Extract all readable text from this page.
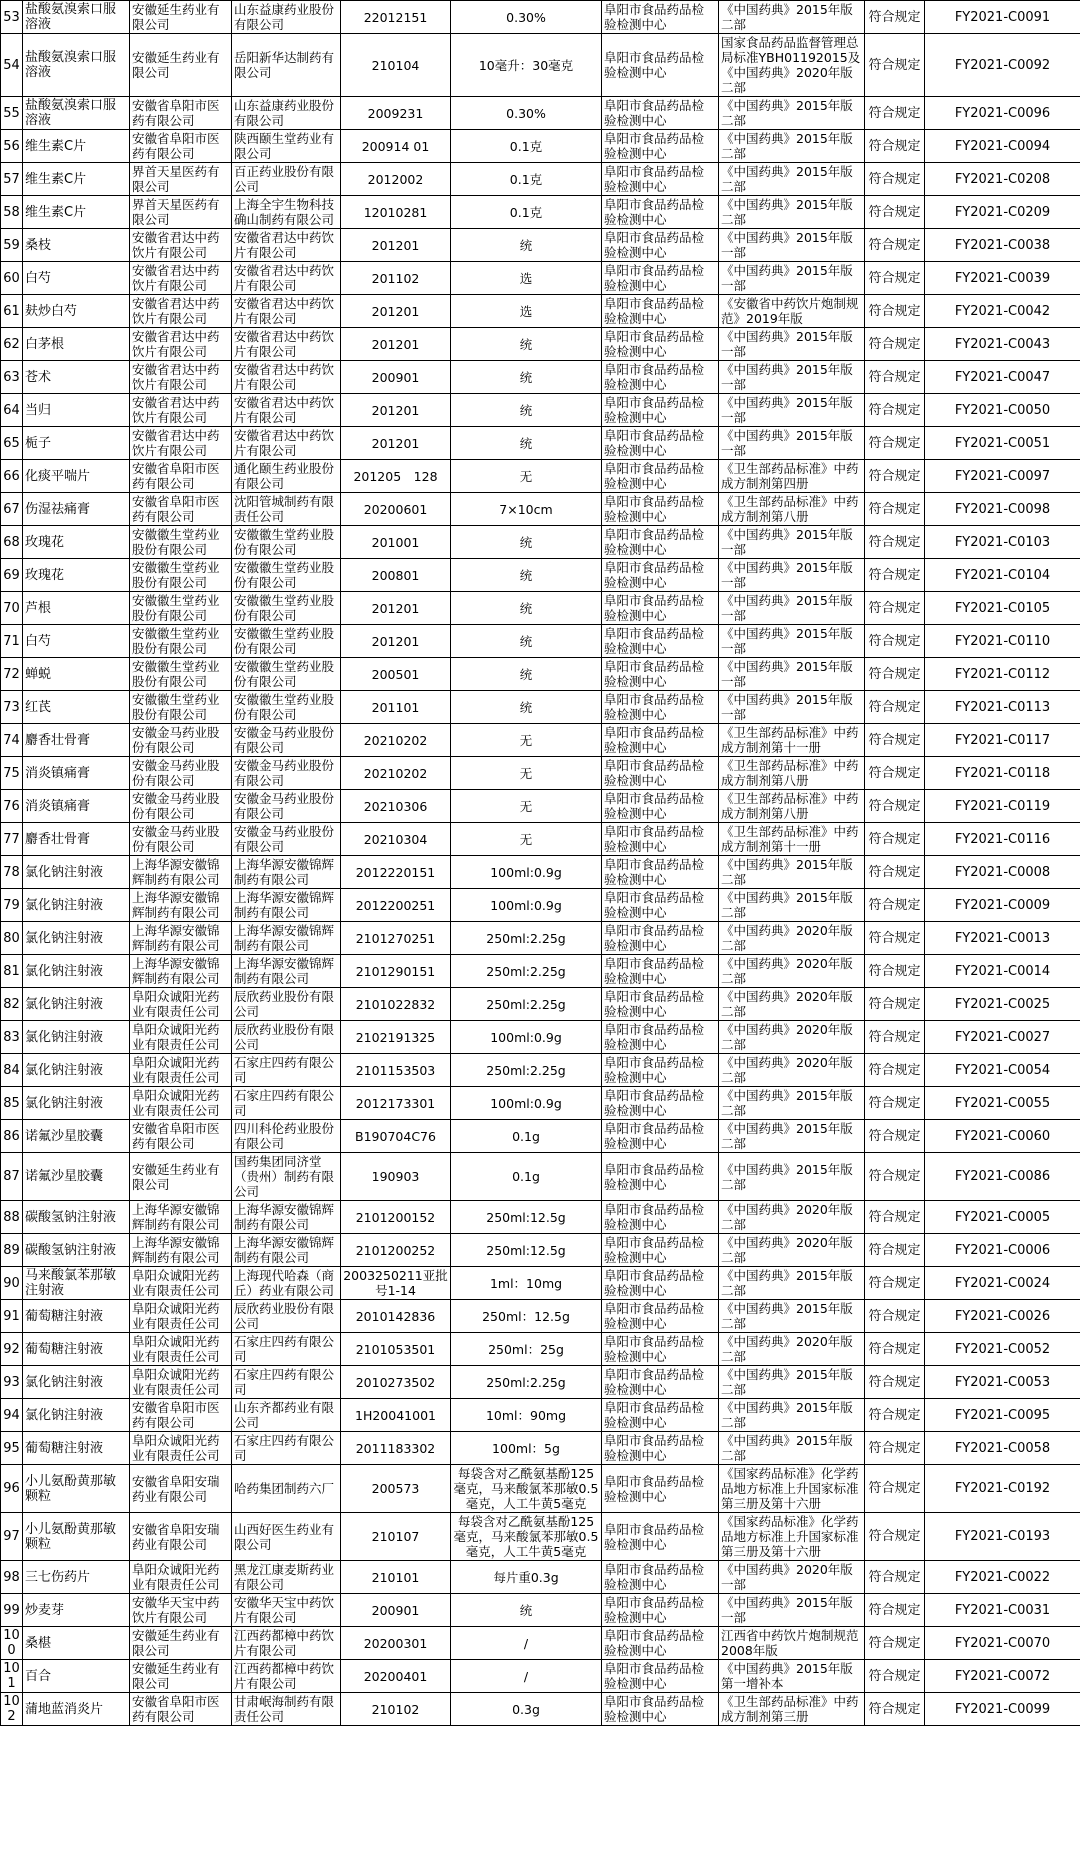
53	盐酸氨溴索口服溶液	安徽延生药业有限公司	山东益康药业股份有限公司	22012151	0.30%	阜阳市食品药品检验检测中心	《中国药典》2015年版二部	符合规定	FY2021-C0091
54	盐酸氨溴索口服溶液	安徽延生药业有限公司	岳阳新华达制药有限公司	210104	10毫升：30毫克	阜阳市食品药品检验检测中心	国家食品药品监督管理总局标准YBH01192015及《中国药典》2020年版二部	符合规定	FY2021-C0092
55	盐酸氨溴索口服溶液	安徽省阜阳市医药有限公司	山东益康药业股份有限公司	2009231	0.30%	阜阳市食品药品检验检测中心	《中国药典》2015年版二部	符合规定	FY2021-C0096
56	维生素C片	安徽省阜阳市医药有限公司	陕西颐生堂药业有限公司	200914 01	0.1克	阜阳市食品药品检验检测中心	《中国药典》2015年版二部	符合规定	FY2021-C0094
57	维生素C片	界首天星医药有限公司	百正药业股份有限公司	2012002	0.1克	阜阳市食品药品检验检测中心	《中国药典》2015年版二部	符合规定	FY2021-C0208
58	维生素C片	界首天星医药有限公司	上海全宇生物科技确山制药有限公司	12010281	0.1克	阜阳市食品药品检验检测中心	《中国药典》2015年版二部	符合规定	FY2021-C0209
59	桑枝	安徽省君达中药饮片有限公司	安徽省君达中药饮片有限公司	201201	统	阜阳市食品药品检验检测中心	《中国药典》2015年版一部	符合规定	FY2021-C0038
60	白芍	安徽省君达中药饮片有限公司	安徽省君达中药饮片有限公司	201102	选	阜阳市食品药品检验检测中心	《中国药典》2015年版一部	符合规定	FY2021-C0039
61	麸炒白芍	安徽省君达中药饮片有限公司	安徽省君达中药饮片有限公司	201201	选	阜阳市食品药品检验检测中心	《安徽省中药饮片炮制规范》2019年版	符合规定	FY2021-C0042
62	白茅根	安徽省君达中药饮片有限公司	安徽省君达中药饮片有限公司	201201	统	阜阳市食品药品检验检测中心	《中国药典》2015年版一部	符合规定	FY2021-C0043
63	苍术	安徽省君达中药饮片有限公司	安徽省君达中药饮片有限公司	200901	统	阜阳市食品药品检验检测中心	《中国药典》2015年版一部	符合规定	FY2021-C0047
64	当归	安徽省君达中药饮片有限公司	安徽省君达中药饮片有限公司	201201	统	阜阳市食品药品检验检测中心	《中国药典》2015年版一部	符合规定	FY2021-C0050
65	栀子	安徽省君达中药饮片有限公司	安徽省君达中药饮片有限公司	201201	统	阜阳市食品药品检验检测中心	《中国药典》2015年版一部	符合规定	FY2021-C0051
66	化痰平喘片	安徽省阜阳市医药有限公司	通化颐生药业股份有限公司	201205　128	无	阜阳市食品药品检验检测中心	《卫生部药品标准》中药成方制剂第四册	符合规定	FY2021-C0097
67	伤湿祛痛膏	安徽省阜阳市医药有限公司	沈阳管城制药有限责任公司	20200601	7×10cm	阜阳市食品药品检验检测中心	《卫生部药品标准》中药成方制剂第八册	符合规定	FY2021-C0098
68	玫瑰花	安徽徽生堂药业股份有限公司	安徽徽生堂药业股份有限公司	201001	统	阜阳市食品药品检验检测中心	《中国药典》2015年版一部	符合规定	FY2021-C0103
69	玫瑰花	安徽徽生堂药业股份有限公司	安徽徽生堂药业股份有限公司	200801	统	阜阳市食品药品检验检测中心	《中国药典》2015年版一部	符合规定	FY2021-C0104
70	芦根	安徽徽生堂药业股份有限公司	安徽徽生堂药业股份有限公司	201201	统	阜阳市食品药品检验检测中心	《中国药典》2015年版一部	符合规定	FY2021-C0105
71	白芍	安徽徽生堂药业股份有限公司	安徽徽生堂药业股份有限公司	201201	统	阜阳市食品药品检验检测中心	《中国药典》2015年版一部	符合规定	FY2021-C0110
72	蝉蜕	安徽徽生堂药业股份有限公司	安徽徽生堂药业股份有限公司	200501	统	阜阳市食品药品检验检测中心	《中国药典》2015年版一部	符合规定	FY2021-C0112
73	红芪	安徽徽生堂药业股份有限公司	安徽徽生堂药业股份有限公司	201101	统	阜阳市食品药品检验检测中心	《中国药典》2015年版一部	符合规定	FY2021-C0113
74	麝香壮骨膏	安徽金马药业股份有限公司	安徽金马药业股份有限公司	20210202	无	阜阳市食品药品检验检测中心	《卫生部药品标准》中药成方制剂第十一册	符合规定	FY2021-C0117
75	消炎镇痛膏	安徽金马药业股份有限公司	安徽金马药业股份有限公司	20210202	无	阜阳市食品药品检验检测中心	《卫生部药品标准》中药成方制剂第八册	符合规定	FY2021-C0118
76	消炎镇痛膏	安徽金马药业股份有限公司	安徽金马药业股份有限公司	20210306	无	阜阳市食品药品检验检测中心	《卫生部药品标准》中药成方制剂第八册	符合规定	FY2021-C0119
77	麝香壮骨膏	安徽金马药业股份有限公司	安徽金马药业股份有限公司	20210304	无	阜阳市食品药品检验检测中心	《卫生部药品标准》中药成方制剂第十一册	符合规定	FY2021-C0116
78	氯化钠注射液	上海华源安徽锦辉制药有限公司	上海华源安徽锦辉制药有限公司	2012220151	100ml:0.9g	阜阳市食品药品检验检测中心	《中国药典》2015年版二部	符合规定	FY2021-C0008
79	氯化钠注射液	上海华源安徽锦辉制药有限公司	上海华源安徽锦辉制药有限公司	2012200251	100ml:0.9g	阜阳市食品药品检验检测中心	《中国药典》2015年版二部	符合规定	FY2021-C0009
80	氯化钠注射液	上海华源安徽锦辉制药有限公司	上海华源安徽锦辉制药有限公司	2101270251	250ml:2.25g	阜阳市食品药品检验检测中心	《中国药典》2020年版二部	符合规定	FY2021-C0013
81	氯化钠注射液	上海华源安徽锦辉制药有限公司	上海华源安徽锦辉制药有限公司	2101290151	250ml:2.25g	阜阳市食品药品检验检测中心	《中国药典》2020年版二部	符合规定	FY2021-C0014
82	氯化钠注射液	阜阳众诚阳光药业有限责任公司	辰欣药业股份有限公司	2101022832	250ml:2.25g	阜阳市食品药品检验检测中心	《中国药典》2020年版二部	符合规定	FY2021-C0025
83	氯化钠注射液	阜阳众诚阳光药业有限责任公司	辰欣药业股份有限公司	2102191325	100ml:0.9g	阜阳市食品药品检验检测中心	《中国药典》2020年版二部	符合规定	FY2021-C0027
84	氯化钠注射液	阜阳众诚阳光药业有限责任公司	石家庄四药有限公司	2101153503	250ml:2.25g	阜阳市食品药品检验检测中心	《中国药典》2020年版二部	符合规定	FY2021-C0054
85	氯化钠注射液	阜阳众诚阳光药业有限责任公司	石家庄四药有限公司	2012173301	100ml:0.9g	阜阳市食品药品检验检测中心	《中国药典》2015年版二部	符合规定	FY2021-C0055
86	诺氟沙星胶囊	安徽省阜阳市医药有限公司	四川科伦药业股份有限公司	B190704C76	0.1g	阜阳市食品药品检验检测中心	《中国药典》2015年版二部	符合规定	FY2021-C0060
87	诺氟沙星胶囊	安徽延生药业有限公司	国药集团同济堂（贵州）制药有限公司	190903	0.1g	阜阳市食品药品检验检测中心	《中国药典》2015年版二部	符合规定	FY2021-C0086
88	碳酸氢钠注射液	上海华源安徽锦辉制药有限公司	上海华源安徽锦辉制药有限公司	2101200152	250ml:12.5g	阜阳市食品药品检验检测中心	《中国药典》2020年版二部	符合规定	FY2021-C0005
89	碳酸氢钠注射液	上海华源安徽锦辉制药有限公司	上海华源安徽锦辉制药有限公司	2101200252	250ml:12.5g	阜阳市食品药品检验检测中心	《中国药典》2020年版二部	符合规定	FY2021-C0006
90	马来酸氯苯那敏注射液	阜阳众诚阳光药业有限责任公司	上海现代哈森（商丘）药业有限公司	2003250211亚批号1-14	1ml：10mg	阜阳市食品药品检验检测中心	《中国药典》2015年版二部	符合规定	FY2021-C0024
91	葡萄糖注射液	阜阳众诚阳光药业有限责任公司	辰欣药业股份有限公司	2010142836	250ml：12.5g	阜阳市食品药品检验检测中心	《中国药典》2015年版二部	符合规定	FY2021-C0026
92	葡萄糖注射液	阜阳众诚阳光药业有限责任公司	石家庄四药有限公司	2101053501	250ml：25g	阜阳市食品药品检验检测中心	《中国药典》2020年版二部	符合规定	FY2021-C0052
93	氯化钠注射液	阜阳众诚阳光药业有限责任公司	石家庄四药有限公司	2010273502	250ml:2.25g	阜阳市食品药品检验检测中心	《中国药典》2015年版二部	符合规定	FY2021-C0053
94	氯化钠注射液	安徽省阜阳市医药有限公司	山东齐都药业有限公司	1H20041001	10ml：90mg	阜阳市食品药品检验检测中心	《中国药典》2015年版二部	符合规定	FY2021-C0095
95	葡萄糖注射液	阜阳众诚阳光药业有限责任公司	石家庄四药有限公司	2011183302	100ml：5g	阜阳市食品药品检验检测中心	《中国药典》2015年版二部	符合规定	FY2021-C0058
96	小儿氨酚黄那敏颗粒	安徽省阜阳安瑞药业有限公司	哈药集团制药六厂	200573	每袋含对乙酰氨基酚125毫克，马来酸氯苯那敏0.5毫克，人工牛黄5毫克	阜阳市食品药品检验检测中心	《国家药品标准》化学药品地方标准上升国家标准第三册及第十六册	符合规定	FY2021-C0192
97	小儿氨酚黄那敏颗粒	安徽省阜阳安瑞药业有限公司	山西好医生药业有限公司	210107	每袋含对乙酰氨基酚125毫克，马来酸氯苯那敏0.5毫克，人工牛黄5毫克	阜阳市食品药品检验检测中心	《国家药品标准》化学药品地方标准上升国家标准第三册及第十六册	符合规定	FY2021-C0193
98	三七伤药片	阜阳众诚阳光药业有限责任公司	黑龙江康麦斯药业有限公司	210101	每片重0.3g	阜阳市食品药品检验检测中心	《中国药典》2020年版一部	符合规定	FY2021-C0022
99	炒麦芽	安徽华天宝中药饮片有限公司	安徽华天宝中药饮片有限公司	200901	统	阜阳市食品药品检验检测中心	《中国药典》2015年版一部	符合规定	FY2021-C0031
100	桑椹	安徽延生药业有限公司	江西药都樟中药饮片有限公司	20200301	/	阜阳市食品药品检验检测中心	江西省中药饮片炮制规范2008年版	符合规定	FY2021-C0070
101	百合	安徽延生药业有限公司	江西药都樟中药饮片有限公司	20200401	/	阜阳市食品药品检验检测中心	《中国药典》2015年版第一增补本	符合规定	FY2021-C0072
102	蒲地蓝消炎片	安徽省阜阳市医药有限公司	甘肃岷海制药有限责任公司	210102	0.3g	阜阳市食品药品检验检测中心	《卫生部药品标准》中药成方制剂第三册	符合规定	FY2021-C0099
